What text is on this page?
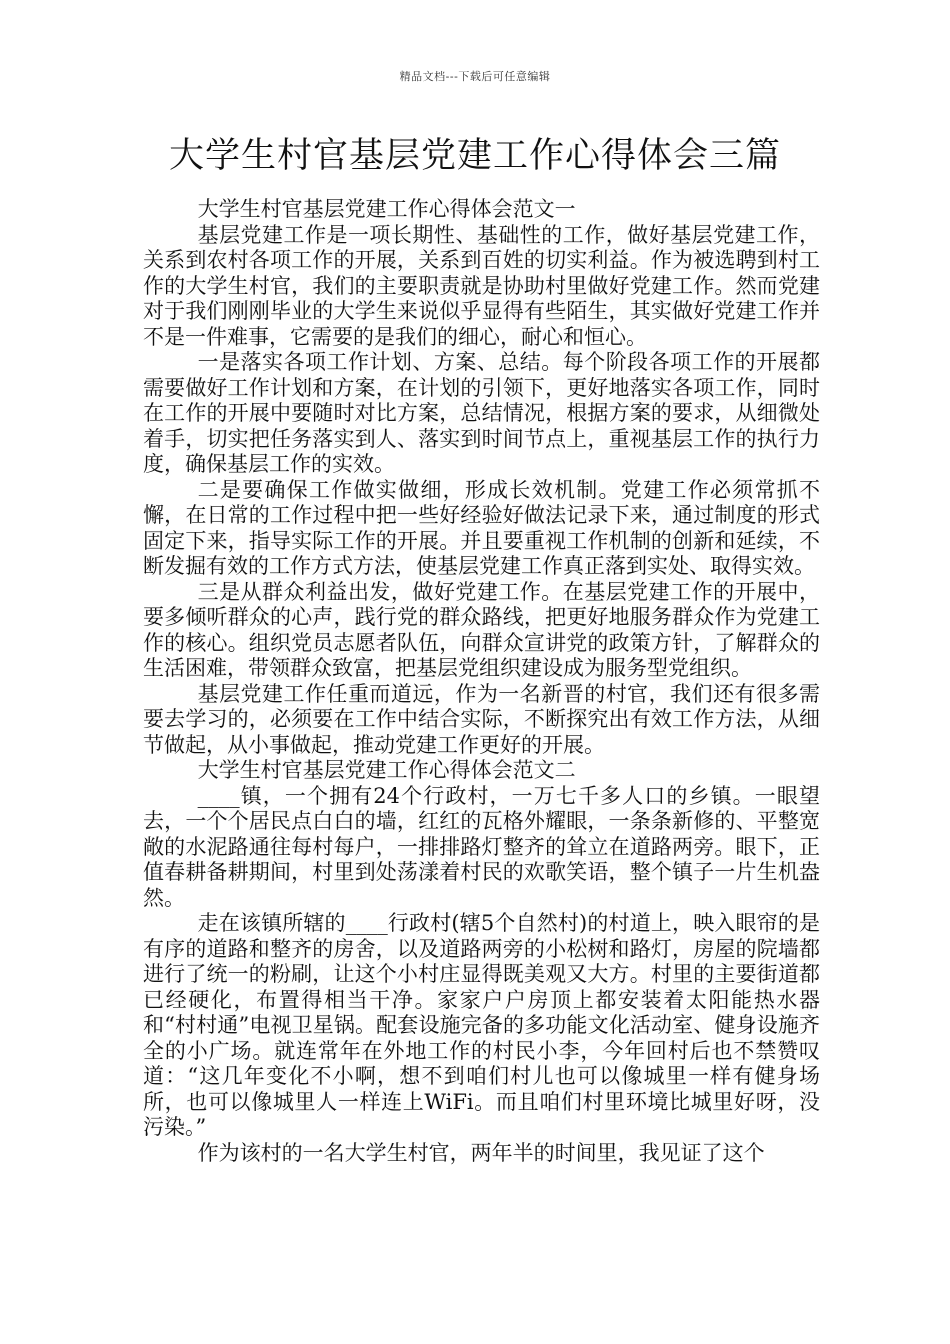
精品文档---下载后可任意编辑
大学生村官基层党建工作心得体会三篇

大学生村官基层党建工作心得体会范文一

基层党建工作是一项长期性、基础性的工作，做好基层党建工作，关系到农村各项工作的开展，关系到百姓的切实利益。作为被选聘到村工作的大学生村官，我们的主要职责就是协助村里做好党建工作。然而党建对于我们刚刚毕业的大学生来说似乎显得有些陌生，其实做好党建工作并不是一件难事，它需要的是我们的细心，耐心和恒心。

一是落实各项工作计划、方案、总结。每个阶段各项工作的开展都需要做好工作计划和方案，在计划的引领下，更好地落实各项工作，同时在工作的开展中要随时对比方案，总结情况，根据方案的要求，从细微处着手，切实把任务落实到人、落实到时间节点上，重视基层工作的执行力度，确保基层工作的实效。

二是要确保工作做实做细，形成长效机制。党建工作必须常抓不懈，在日常的工作过程中把一些好经验好做法记录下来，通过制度的形式固定下来，指导实际工作的开展。并且要重视工作机制的创新和延续，不断发掘有效的工作方式方法，使基层党建工作真正落到实处、取得实效。

三是从群众利益出发，做好党建工作。在基层党建工作的开展中，要多倾听群众的心声，践行党的群众路线，把更好地服务群众作为党建工作的核心。组织党员志愿者队伍，向群众宣讲党的政策方针，了解群众的生活困难，带领群众致富，把基层党组织建设成为服务型党组织。

基层党建工作任重而道远，作为一名新晋的村官，我们还有很多需要去学习的，必须要在工作中结合实际，不断探究出有效工作方法，从细节做起，从小事做起，推动党建工作更好的开展。

大学生村官基层党建工作心得体会范文二

____镇，一个拥有24个行政村，一万七千多人口的乡镇。一眼望去，一个个居民点白白的墙，红红的瓦格外耀眼，一条条新修的、平整宽敞的水泥路通往每村每户，一排排路灯整齐的耸立在道路两旁。眼下，正值春耕备耕期间，村里到处荡漾着村民的欢歌笑语，整个镇子一片生机盎然。

走在该镇所辖的____行政村(辖5个自然村)的村道上，映入眼帘的是有序的道路和整齐的房舍，以及道路两旁的小松树和路灯，房屋的院墙都进行了统一的粉刷，让这个小村庄显得既美观又大方。村里的主要街道都已经硬化，布置得相当干净。家家户户房顶上都安装着太阳能热水器和“村村通”电视卫星锅。配套设施完备的多功能文化活动室、健身设施齐全的小广场。就连常年在外地工作的村民小李，今年回村后也不禁赞叹道：“这几年变化不小啊，想不到咱们村儿也可以像城里一样有健身场所，也可以像城里人一样连上WiFi。而且咱们村里环境比城里好呀，没污染。”

作为该村的一名大学生村官，两年半的时间里，我见证了这个
